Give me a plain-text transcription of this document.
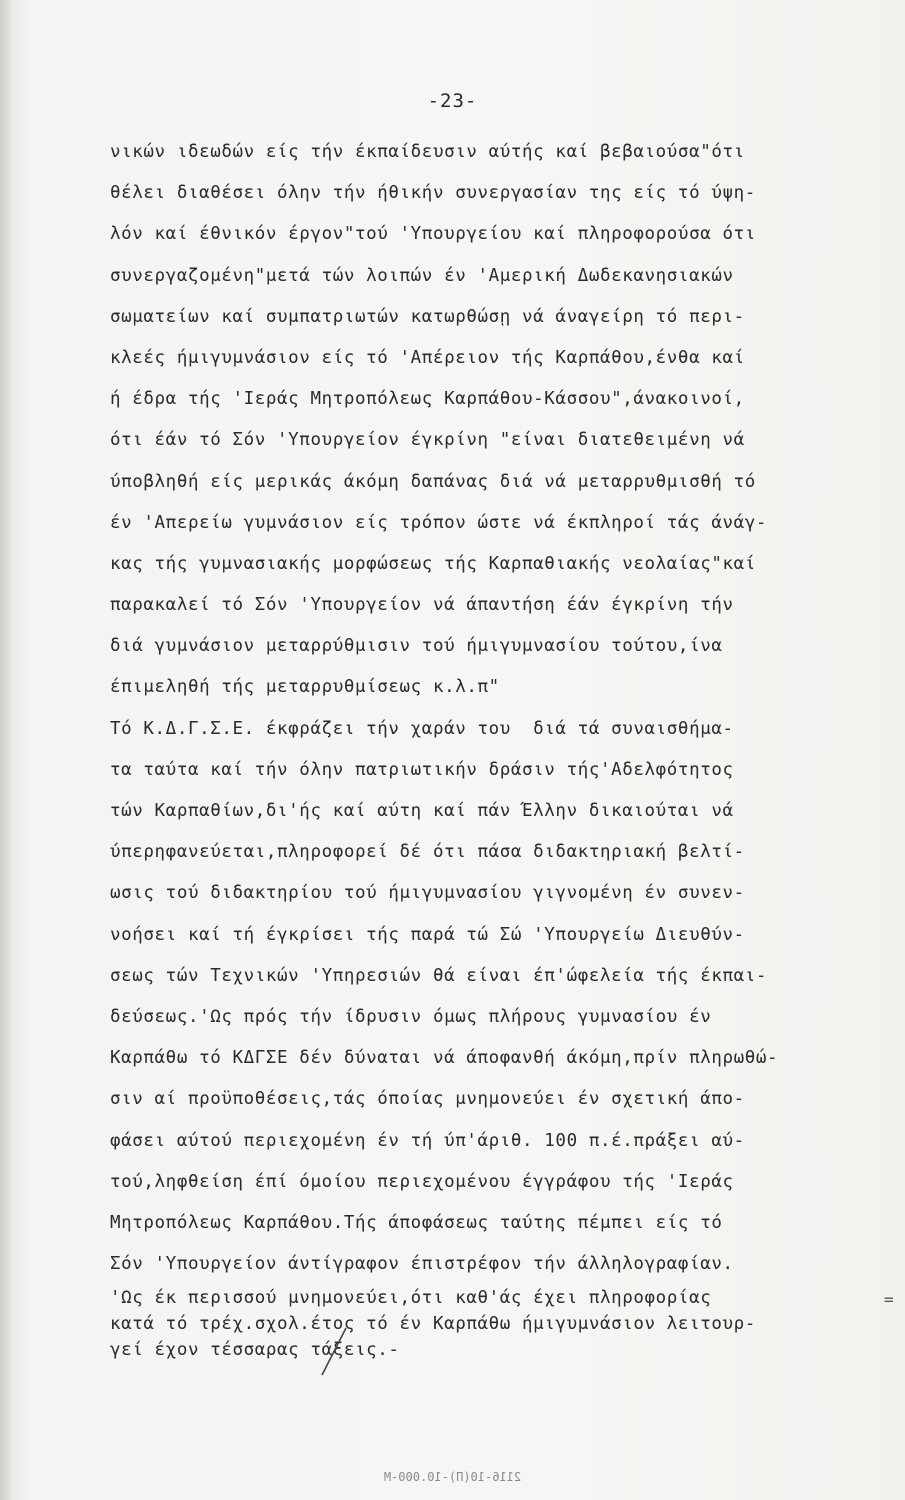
-23-
νικών ιδεωδών είς τήν έκπαίδευσιν αύτής καί βεβαιούσα"ότι
θέλει διαθέσει όλην τήν ήθικήν συνεργασίαν της είς τό ύψη-
λόν καί έθνικόν έργον"τού 'Υπουργείου καί πληροφορούσα ότι
συνεργαζομένη"μετά τών λοιπών έν 'Αμερική Δωδεκανησιακών
σωματείων καί συμπατριωτών κατωρθώσῃ νά άναγείρη τό περι-
κλεές ήμιγυμνάσιον είς τό 'Απέρειον τής Καρπάθου,ένθα καί
ή έδρα τής 'Ιεράς Μητροπόλεως Καρπάθου-Κάσσου",άνακοινοί,
ότι έάν τό Σόν 'Υπουργείον έγκρίνη "είναι διατεθειμένη νά
ύποβληθή είς μερικάς άκόμη δαπάνας διά νά μεταρρυθμισθή τό
έν 'Απερείω γυμνάσιον είς τρόπον ώστε νά έκπληροί τάς άνάγ-
κας τής γυμνασιακής μορφώσεως τής Καρπαθιακής νεολαίας"καί
παρακαλεί τό Σόν 'Υπουργείον νά άπαντήση έάν έγκρίνη τήν
διά γυμνάσιον μεταρρύθμισιν τού ήμιγυμνασίου τούτου,ίνα
έπιμεληθή τής μεταρρυθμίσεως κ.λ.π"
Τό Κ.Δ.Γ.Σ.Ε. έκφράζει τήν χαράν του  διά τά συναισθήμα-
τα ταύτα καί τήν όλην πατριωτικήν δράσιν τής'Αδελφότητος
τών Καρπαθίων,δι'ής καί αύτη καί πάν Έλλην δικαιούται νά
ύπερηφανεύεται,πληροφορεί δέ ότι πάσα διδακτηριακή βελτί-
ωσις τού διδακτηρίου τού ήμιγυμνασίου γιγνομένη έν συνεν-
νοήσει καί τή έγκρίσει τής παρά τώ Σώ 'Υπουργείω Διευθύν-
σεως τών Τεχνικών 'Υπηρεσιών θά είναι έπ'ώφελεία τής έκπαι-
δεύσεως.'Ως πρός τήν ίδρυσιν όμως πλήρους γυμνασίου έν
Καρπάθω τό ΚΔΓΣΕ δέν δύναται νά άποφανθή άκόμη,πρίν πληρωθώ-
σιν αί προϋποθέσεις,τάς όποίας μνημονεύει έν σχετική άπο-
φάσει αύτού περιεχομένη έν τή ύπ'άριθ. 100 π.έ.πράξει αύ-
τού,ληφθείση έπί όμοίου περιεχομένου έγγράφου τής 'Ιεράς
Μητροπόλεως Καρπάθου.Τής άποφάσεως ταύτης πέμπει είς τό
Σόν 'Υπουργείον άντίγραφον έπιστρέφον τήν άλληλογραφίαν.
'Ως έκ περισσού μνημονεύει,ότι καθ'άς έχει πληροφορίας
κατά τό τρέχ.σχολ.έτος τό έν Καρπάθω ήμιγυμνάσιον λειτουρ-
γεί έχον τέσσαρας τάξεις.-
=
2116-10(Π)-10.000-Μ
